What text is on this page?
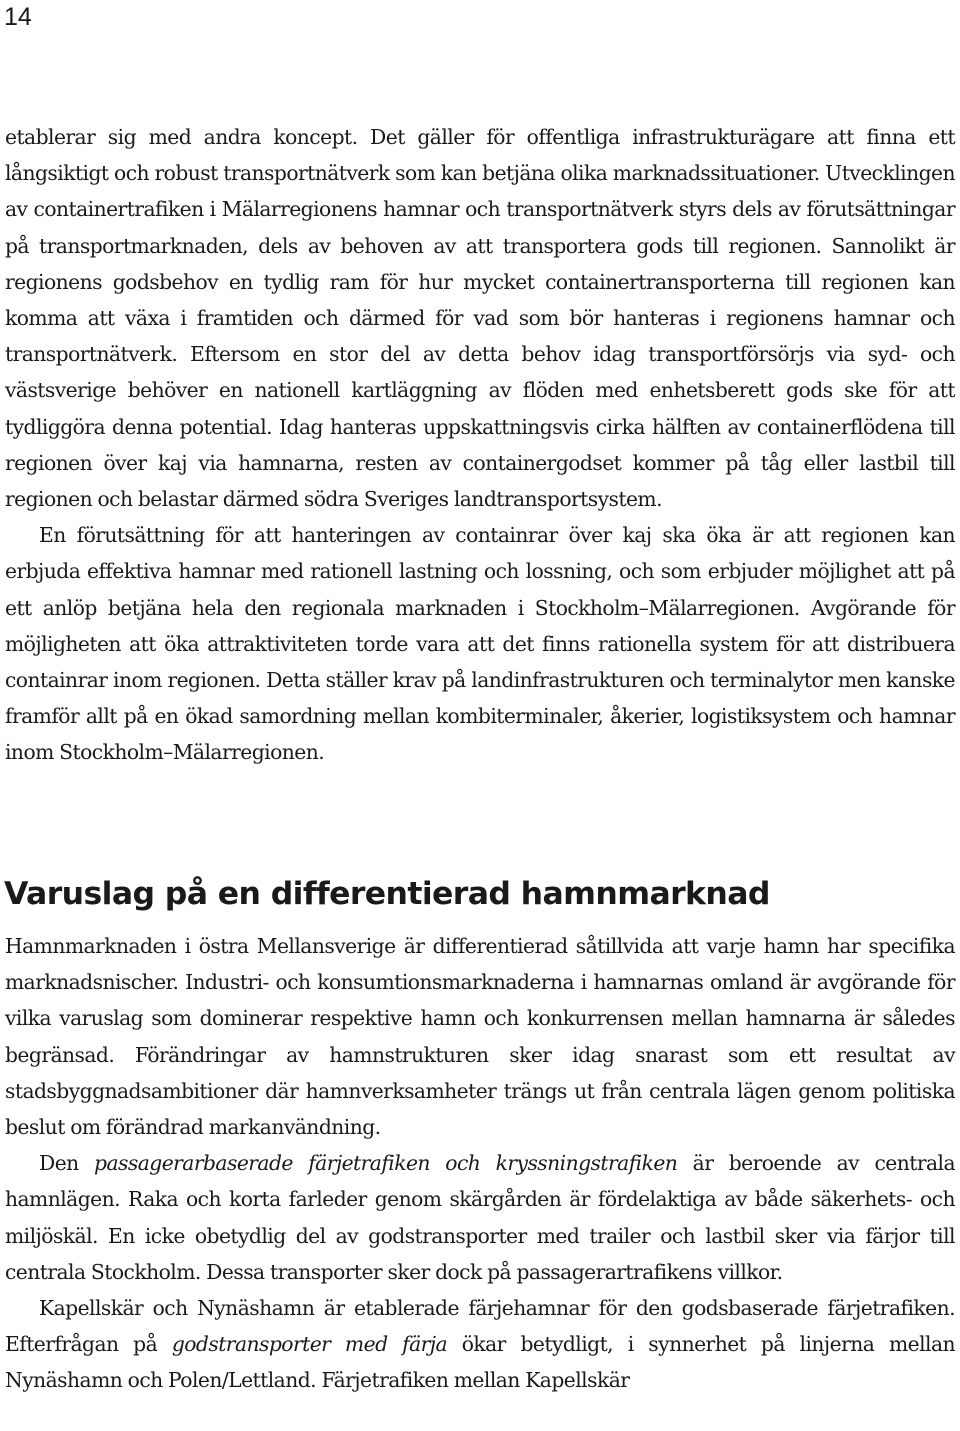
14

etablerar sig med andra koncept. Det gäller för offentliga infrastrukturägare att finna ett långsiktigt och robust transportnätverk som kan betjäna olika marknadssituationer. Utvecklingen av containertrafiken i Mälarregionens hamnar och transportnätverk styrs dels av förutsättningar på transportmarknaden, dels av behoven av att transportera gods till regionen. Sannolikt är regionens godsbehov en tydlig ram för hur mycket containertransporterna till regionen kan komma att växa i framtiden och därmed för vad som bör hanteras i regionens hamnar och transportnätverk. Eftersom en stor del av detta behov idag transportförsörjs via syd- och västsverige behöver en nationell kartläggning av flöden med enhetsberett gods ske för att tydliggöra denna potential. Idag hanteras uppskattningsvis cirka hälften av containerflödena till regionen över kaj via hamnarna, resten av containergodset kommer på tåg eller lastbil till regionen och belastar därmed södra Sveriges landtransportsystem.

En förutsättning för att hanteringen av containrar över kaj ska öka är att regionen kan erbjuda effektiva hamnar med rationell lastning och lossning, och som erbjuder möjlighet att på ett anlöp betjäna hela den regionala marknaden i Stockholm–Mälarregionen. Avgörande för möjligheten att öka attraktiviteten torde vara att det finns rationella system för att distribuera containrar inom regionen. Detta ställer krav på landinfrastrukturen och terminalytor men kanske framför allt på en ökad samordning mellan kombiterminaler, åkerier, logistiksystem och hamnar inom Stockholm–Mälarregionen.

Varuslag på en differentierad hamnmarknad

Hamnmarknaden i östra Mellansverige är differentierad såtillvida att varje hamn har specifika marknadsnischer. Industri- och konsumtionsmarknaderna i hamnarnas omland är avgörande för vilka varuslag som dominerar respektive hamn och konkurrensen mellan hamnarna är således begränsad. Förändringar av hamnstrukturen sker idag snarast som ett resultat av stadsbyggnadsambitioner där hamnverksamheter trängs ut från centrala lägen genom politiska beslut om förändrad markanvändning.

Den passagerarbaserade färjetrafiken och kryssningstrafiken är beroende av centrala hamnlägen. Raka och korta farleder genom skärgården är fördelaktiga av både säkerhets- och miljöskäl. En icke obetydlig del av godstransporter med trailer och lastbil sker via färjor till centrala Stockholm. Dessa transporter sker dock på passagerartrafikens villkor.

Kapellskär och Nynäshamn är etablerade färjehamnar för den godsbaserade färjetrafiken. Efterfrågan på godstransporter med färja ökar betydligt, i synnerhet på linjerna mellan Nynäshamn och Polen/Lettland. Färjetrafiken mellan Kapellskär
